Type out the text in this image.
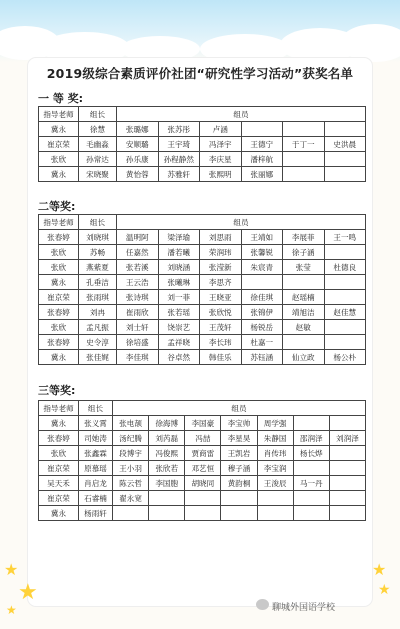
2019级综合素质评价社团“研究性学习活动”获奖名单
一 等 奖:
指导老师	组长	组员					
冀永	徐慧	张璐娜	张苏彤	卢涵			
崔京荣	毛幽淼	安顺璐	王宇琦	冯泽宇	王德宁	于丁一	史洪晨
张欣	孙常达	孙乐康	孙程静然	李庆星	潘梓航		
冀永	宋晓聚	黄怡蓉	苏雅轩	张熙明	张丽娜		
二等奖:
指导老师	组长	组员					
张春婷	刘晓琪	温明阿	梁泽瑜	刘思雨	王靖如	李展菲	王一鸣
张欣	苏畅	任嘉然	潘若曦	荣润玮	张馨锐	徐子涵	
张欣	燕紫夏	张若溪	刘晓涵	张滢新	朱宸青	张莹	杜德良
冀永	孔垂洁	王云浩	张曦琳	李思齐			
崔京荣	张雨琪	张诗琪	刘一菲	王晓亚	徐佳琪	赵瑶楠	
张春婷	刘冉	崔雨欣	张若瑶	张欣悦	张锦伊	靖旭洁	赵佳慧
张欣	孟凡振	刘士轩	饶崇艺	王茂轩	杨锐岳	赵敏	
张春婷	史令淳	徐培盛	孟祥晓	李长玮	杜嘉一		
冀永	张佳娓	李佳琪	谷卓然	韩佳乐	苏钰涵	仙立政	杨公朴
三等奖:
指导老师	组长	组员						
冀永	张义霄	张电颉	徐海博	李国豪	李宝帅	周学强		
张春婷	司她涛	汤纪腾	刘芮磊	冯喆	李星昊	朱静国	邵润泽	刘润泽
张欣	张鑫霖	段博宇	冯俊熙	贾商雷	王凯岩	肖传玮	杨长烨	
崔京荣	原慕瑶	王小羽	张欣若	邓艺恒	穆子涵	李宝润		
吴天禾	肖启龙	陈云哲	李国胞	胡晓同	黄韵桐	王浚辰	马一丹	
崔京荣	石睿楠	翟永宽						
冀永	杨雨轩							
★
★
★
★
★
聊城外国语学校
